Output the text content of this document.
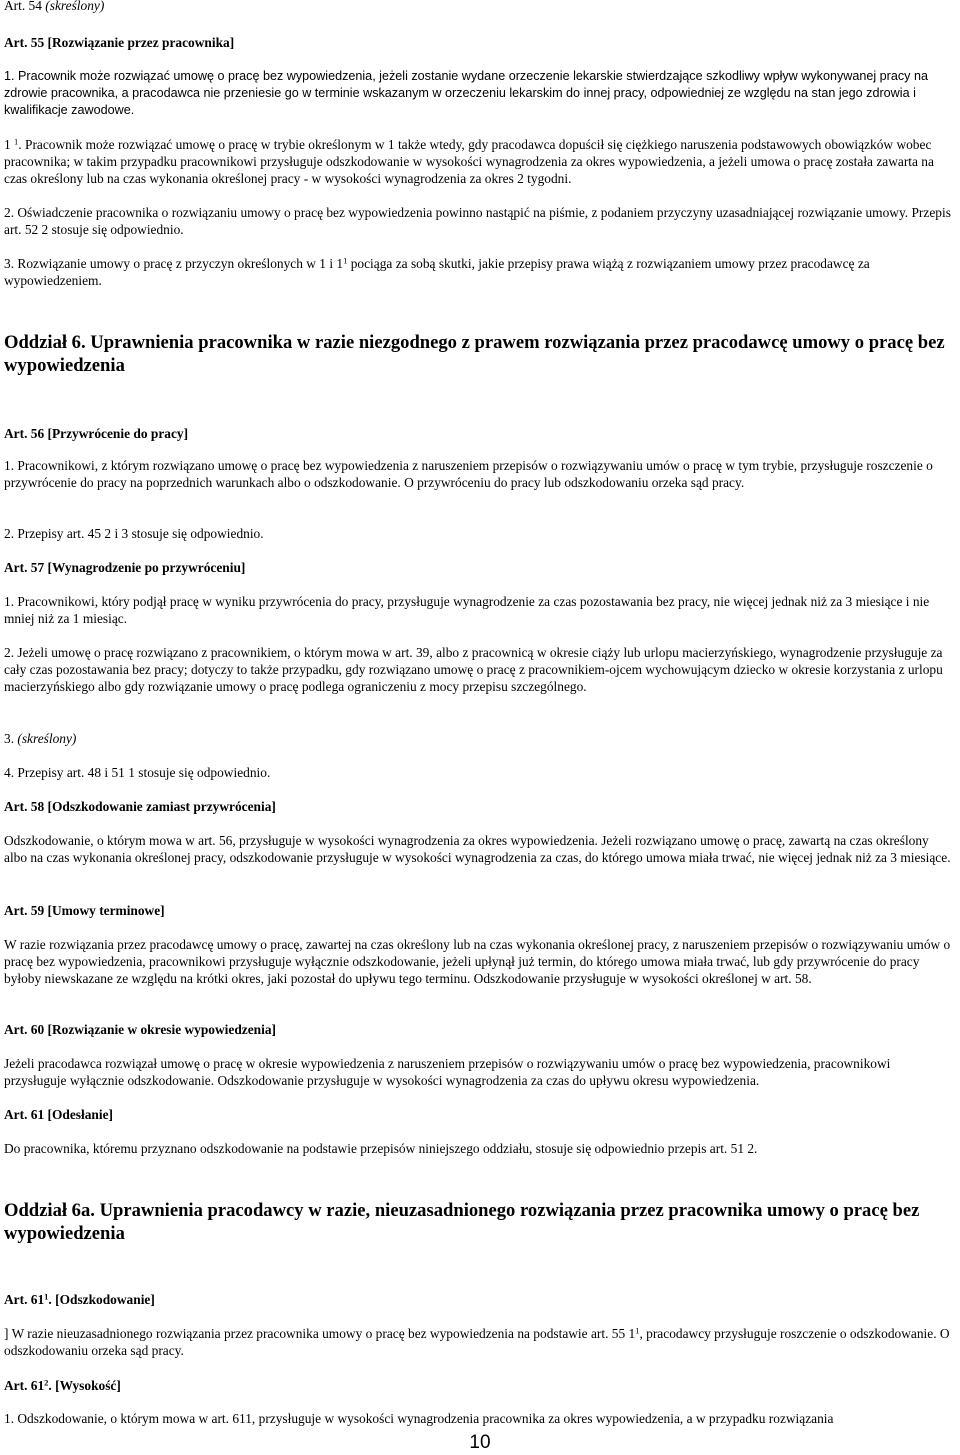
Art. 54 (skreślony)
Art. 55 [Rozwiązanie przez pracownika]
1. Pracownik może rozwiązać umowę o pracę bez wypowiedzenia, jeżeli zostanie wydane orzeczenie lekarskie stwierdzające szkodliwy wpływ wykonywanej pracy na zdrowie pracownika, a pracodawca nie przeniesie go w terminie wskazanym w orzeczeniu lekarskim do innej pracy, odpowiedniej ze względu na stan jego zdrowia i kwalifikacje zawodowe.
1 $^1$. Pracownik może rozwiązać umowę o pracę w trybie określonym w 1 także wtedy, gdy pracodawca dopuścił się ciężkiego naruszenia podstawowych obowiązków wobec pracownika; w takim przypadku pracownikowi przysługuje odszkodowanie w wysokości wynagrodzenia za okres wypowiedzenia, a jeżeli umowa o pracę została zawarta na czas określony lub na czas wykonania określonej pracy - w wysokości wynagrodzenia za okres 2 tygodni.
2. Oświadczenie pracownika o rozwiązaniu umowy o pracę bez wypowiedzenia powinno nastąpić na piśmie, z podaniem przyczyny uzasadniającej rozwiązanie umowy. Przepis art. 52 2 stosuje się odpowiednio.
3. Rozwiązanie umowy o pracę z przyczyn określonych w 1 i $1^1$ pociąga za sobą skutki, jakie przepisy prawa wiążą z rozwiązaniem umowy przez pracodawcę za wypowiedzeniem.
Oddział 6. Uprawnienia pracownika w razie niezgodnego z prawem rozwiązania przez pracodawcę umowy o pracę bez wypowiedzenia
Art. 56 [Przywrócenie do pracy]
1. Pracownikowi, z którym rozwiązano umowę o pracę bez wypowiedzenia z naruszeniem przepisów o rozwiązywaniu umów o pracę w tym trybie, przysługuje roszczenie o przywrócenie do pracy na poprzednich warunkach albo o odszkodowanie. O przywróceniu do pracy lub odszkodowaniu orzeka sąd pracy.
2. Przepisy art. 45 2 i 3 stosuje się odpowiednio.
Art. 57 [Wynagrodzenie po przywróceniu]
1. Pracownikowi, który podjął pracę w wyniku przywrócenia do pracy, przysługuje wynagrodzenie za czas pozostawania bez pracy, nie więcej jednak niż za 3 miesiące i nie mniej niż za 1 miesiąc.
2. Jeżeli umowę o pracę rozwiązano z pracownikiem, o którym mowa w art. 39, albo z pracownicą w okresie ciąży lub urlopu macierzyńskiego, wynagrodzenie przysługuje za cały czas pozostawania bez pracy; dotyczy to także przypadku, gdy rozwiązano umowę o pracę z pracownikiem-ojcem wychowującym dziecko w okresie korzystania z urlopu macierzyńskiego albo gdy rozwiązanie umowy o pracę podlega ograniczeniu z mocy przepisu szczególnego.
3. (skreślony)
4. Przepisy art. 48 i 51 1 stosuje się odpowiednio.
Art. 58 [Odszkodowanie zamiast przywrócenia]
Odszkodowanie, o którym mowa w art. 56, przysługuje w wysokości wynagrodzenia za okres wypowiedzenia. Jeżeli rozwiązano umowę o pracę, zawartą na czas określony albo na czas wykonania określonej pracy, odszkodowanie przysługuje w wysokości wynagrodzenia za czas, do którego umowa miała trwać, nie więcej jednak niż za 3 miesiące.
Art. 59 [Umowy terminowe]
W razie rozwiązania przez pracodawcę umowy o pracę, zawartej na czas określony lub na czas wykonania określonej pracy, z naruszeniem przepisów o rozwiązywaniu umów o pracę bez wypowiedzenia, pracownikowi przysługuje wyłącznie odszkodowanie, jeżeli upłynął już termin, do którego umowa miała trwać, lub gdy przywrócenie do pracy byłoby niewskazane ze względu na krótki okres, jaki pozostał do upływu tego terminu. Odszkodowanie przysługuje w wysokości określonej w art. 58.
Art. 60 [Rozwiązanie w okresie wypowiedzenia]
Jeżeli pracodawca rozwiązał umowę o pracę w okresie wypowiedzenia z naruszeniem przepisów o rozwiązywaniu umów o pracę bez wypowiedzenia, pracownikowi przysługuje wyłącznie odszkodowanie. Odszkodowanie przysługuje w wysokości wynagrodzenia za czas do upływu okresu wypowiedzenia.
Art. 61 [Odesłanie]
Do pracownika, któremu przyznano odszkodowanie na podstawie przepisów niniejszego oddziału, stosuje się odpowiednio przepis art. 51 2.
Oddział 6a. Uprawnienia pracodawcy w razie, nieuzasadnionego rozwiązania przez pracownika umowy o pracę bez wypowiedzenia
Art. $61^1$. [Odszkodowanie]
] W razie nieuzasadnionego rozwiązania przez pracownika umowy o pracę bez wypowiedzenia na podstawie art. 55 $1^1$, pracodawcy przysługuje roszczenie o odszkodowanie. O odszkodowaniu orzeka sąd pracy.
Art. $61^2$. [Wysokość]
1. Odszkodowanie, o którym mowa w art. 611, przysługuje w wysokości wynagrodzenia pracownika za okres wypowiedzenia, a w przypadku rozwiązania
10
